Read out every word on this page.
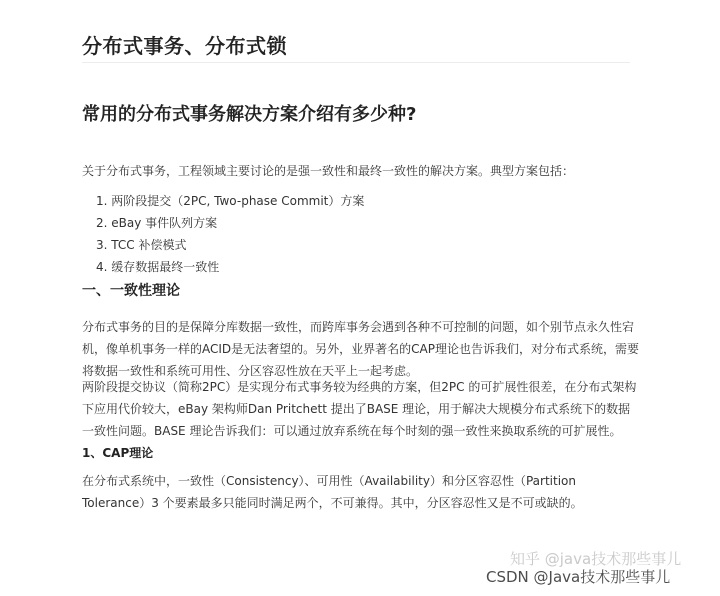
分布式事务、分布式锁
常用的分布式事务解决方案介绍有多少种?
关于分布式事务，工程领域主要讨论的是强一致性和最终一致性的解决方案。典型方案包括：
1. 两阶段提交（2PC, Two-phase Commit）方案
2. eBay 事件队列方案
3. TCC 补偿模式
4. 缓存数据最终一致性
一、一致性理论
分布式事务的目的是保障分库数据一致性，而跨库事务会遇到各种不可控制的问题，如个别节点永久性宕机，像单机事务一样的ACID是无法奢望的。另外，业界著名的CAP理论也告诉我们，对分布式系统，需要将数据一致性和系统可用性、分区容忍性放在天平上一起考虑。
两阶段提交协议（简称2PC）是实现分布式事务较为经典的方案，但2PC 的可扩展性很差，在分布式架构下应用代价较大，eBay 架构师Dan Pritchett 提出了BASE 理论，用于解决大规模分布式系统下的数据一致性问题。BASE 理论告诉我们：可以通过放弃系统在每个时刻的强一致性来换取系统的可扩展性。
1、CAP理论
在分布式系统中，一致性（Consistency）、可用性（Availability）和分区容忍性（Partition Tolerance）3 个要素最多只能同时满足两个，不可兼得。其中，分区容忍性又是不可或缺的。
知乎 @java技术那些事儿
CSDN @Java技术那些事儿
